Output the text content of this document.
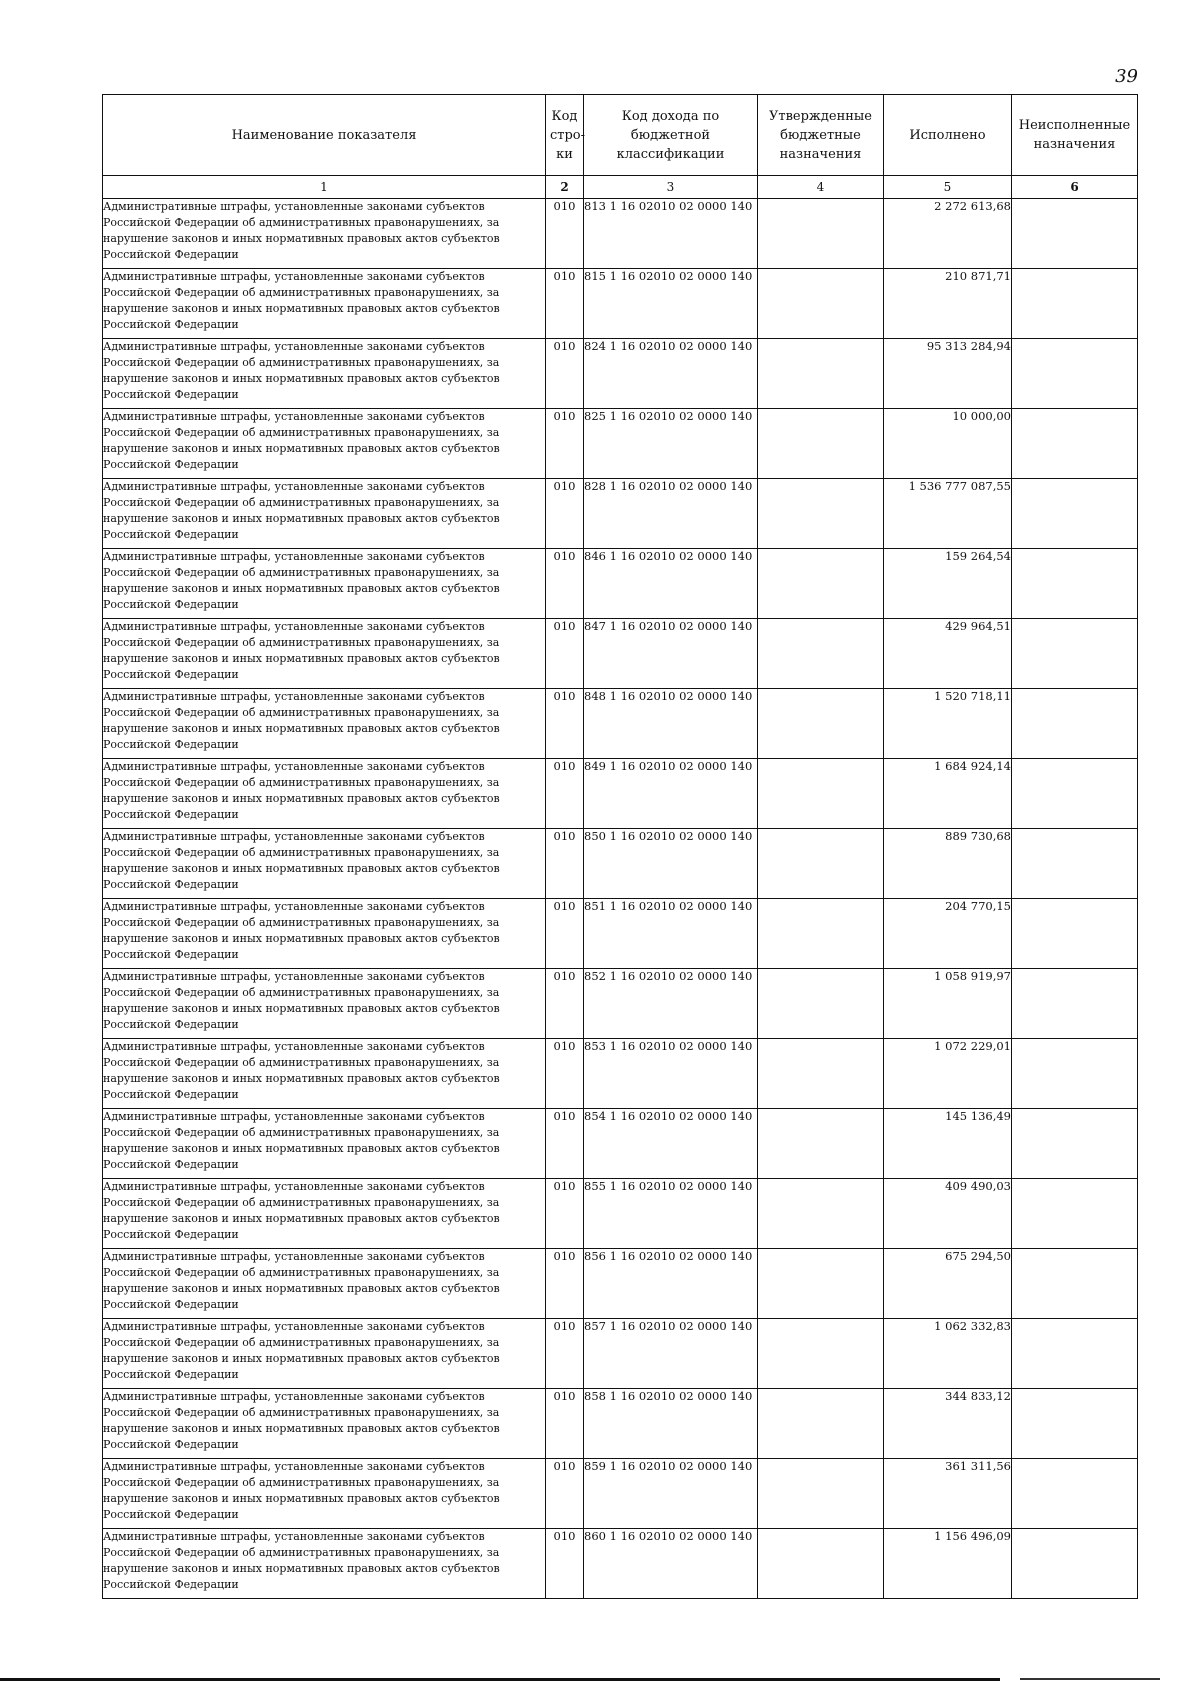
39
Наименование показателя	Код стро-ки	Код дохода по бюджетной классификации	Утвержденные бюджетные назначения	Исполнено	Неисполненные назначения
1	2	3	4	5	6
Административные штрафы, установленные законами субъектов Российской Федерации об административных правонарушениях, за нарушение законов и иных нормативных правовых актов субъектов Российской Федерации	010	813 1 16 02010 02 0000 140		2 272 613,68	
Административные штрафы, установленные законами субъектов Российской Федерации об административных правонарушениях, за нарушение законов и иных нормативных правовых актов субъектов Российской Федерации	010	815 1 16 02010 02 0000 140		210 871,71	
Административные штрафы, установленные законами субъектов Российской Федерации об административных правонарушениях, за нарушение законов и иных нормативных правовых актов субъектов Российской Федерации	010	824 1 16 02010 02 0000 140		95 313 284,94	
Административные штрафы, установленные законами субъектов Российской Федерации об административных правонарушениях, за нарушение законов и иных нормативных правовых актов субъектов Российской Федерации	010	825 1 16 02010 02 0000 140		10 000,00	
Административные штрафы, установленные законами субъектов Российской Федерации об административных правонарушениях, за нарушение законов и иных нормативных правовых актов субъектов Российской Федерации	010	828 1 16 02010 02 0000 140		1 536 777 087,55	
Административные штрафы, установленные законами субъектов Российской Федерации об административных правонарушениях, за нарушение законов и иных нормативных правовых актов субъектов Российской Федерации	010	846 1 16 02010 02 0000 140		159 264,54	
Административные штрафы, установленные законами субъектов Российской Федерации об административных правонарушениях, за нарушение законов и иных нормативных правовых актов субъектов Российской Федерации	010	847 1 16 02010 02 0000 140		429 964,51	
Административные штрафы, установленные законами субъектов Российской Федерации об административных правонарушениях, за нарушение законов и иных нормативных правовых актов субъектов Российской Федерации	010	848 1 16 02010 02 0000 140		1 520 718,11	
Административные штрафы, установленные законами субъектов Российской Федерации об административных правонарушениях, за нарушение законов и иных нормативных правовых актов субъектов Российской Федерации	010	849 1 16 02010 02 0000 140		1 684 924,14	
Административные штрафы, установленные законами субъектов Российской Федерации об административных правонарушениях, за нарушение законов и иных нормативных правовых актов субъектов Российской Федерации	010	850 1 16 02010 02 0000 140		889 730,68	
Административные штрафы, установленные законами субъектов Российской Федерации об административных правонарушениях, за нарушение законов и иных нормативных правовых актов субъектов Российской Федерации	010	851 1 16 02010 02 0000 140		204 770,15	
Административные штрафы, установленные законами субъектов Российской Федерации об административных правонарушениях, за нарушение законов и иных нормативных правовых актов субъектов Российской Федерации	010	852 1 16 02010 02 0000 140		1 058 919,97	
Административные штрафы, установленные законами субъектов Российской Федерации об административных правонарушениях, за нарушение законов и иных нормативных правовых актов субъектов Российской Федерации	010	853 1 16 02010 02 0000 140		1 072 229,01	
Административные штрафы, установленные законами субъектов Российской Федерации об административных правонарушениях, за нарушение законов и иных нормативных правовых актов субъектов Российской Федерации	010	854 1 16 02010 02 0000 140		145 136,49	
Административные штрафы, установленные законами субъектов Российской Федерации об административных правонарушениях, за нарушение законов и иных нормативных правовых актов субъектов Российской Федерации	010	855 1 16 02010 02 0000 140		409 490,03	
Административные штрафы, установленные законами субъектов Российской Федерации об административных правонарушениях, за нарушение законов и иных нормативных правовых актов субъектов Российской Федерации	010	856 1 16 02010 02 0000 140		675 294,50	
Административные штрафы, установленные законами субъектов Российской Федерации об административных правонарушениях, за нарушение законов и иных нормативных правовых актов субъектов Российской Федерации	010	857 1 16 02010 02 0000 140		1 062 332,83	
Административные штрафы, установленные законами субъектов Российской Федерации об административных правонарушениях, за нарушение законов и иных нормативных правовых актов субъектов Российской Федерации	010	858 1 16 02010 02 0000 140		344 833,12	
Административные штрафы, установленные законами субъектов Российской Федерации об административных правонарушениях, за нарушение законов и иных нормативных правовых актов субъектов Российской Федерации	010	859 1 16 02010 02 0000 140		361 311,56	
Административные штрафы, установленные законами субъектов Российской Федерации об административных правонарушениях, за нарушение законов и иных нормативных правовых актов субъектов Российской Федерации	010	860 1 16 02010 02 0000 140		1 156 496,09	
